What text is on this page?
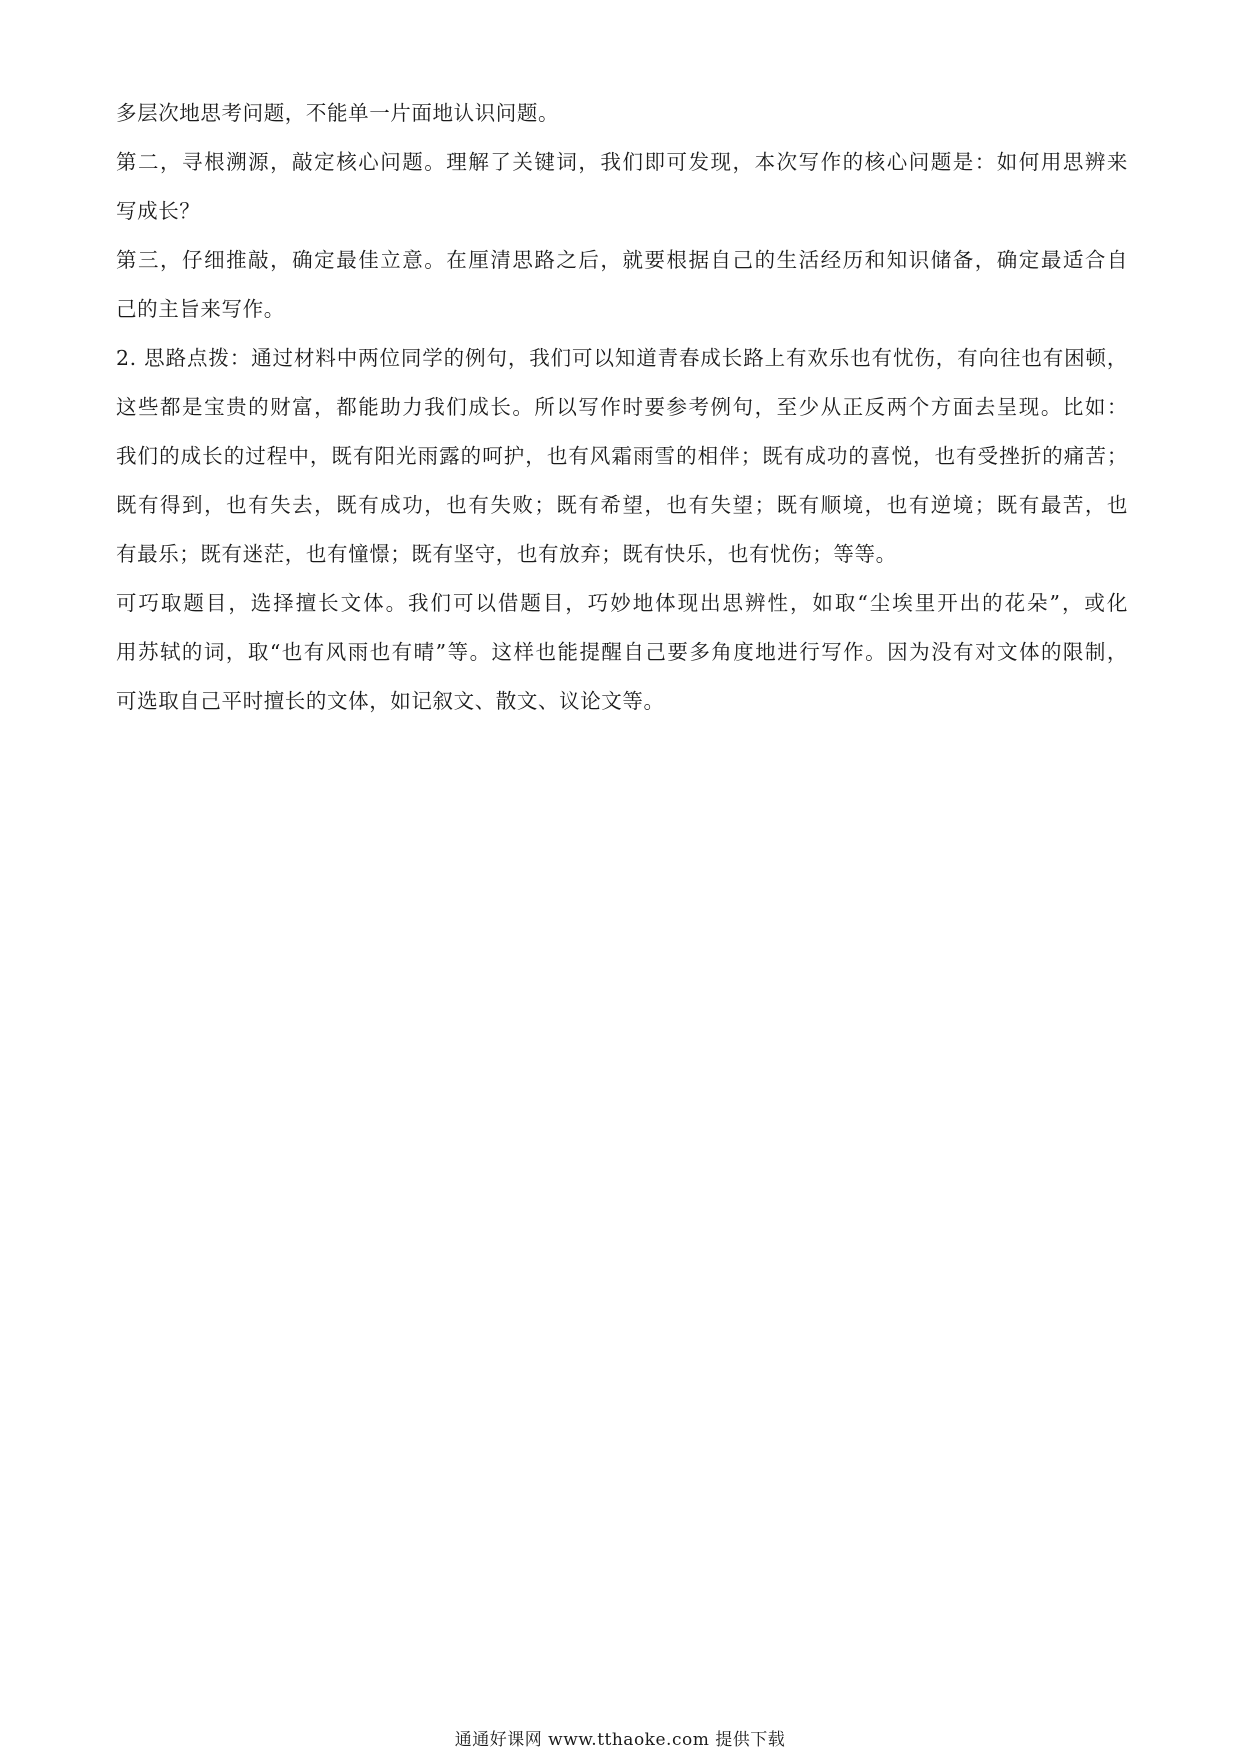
多层次地思考问题，不能单一片面地认识问题。
第二，寻根溯源，敲定核心问题。理解了关键词，我们即可发现，本次写作的核心问题是：如何用思辨来
写成长？
第三，仔细推敲，确定最佳立意。在厘清思路之后，就要根据自己的生活经历和知识储备，确定最适合自
己的主旨来写作。
2. 思路点拨：通过材料中两位同学的例句，我们可以知道青春成长路上有欢乐也有忧伤，有向往也有困顿，
这些都是宝贵的财富，都能助力我们成长。所以写作时要参考例句，至少从正反两个方面去呈现。比如：
我们的成长的过程中，既有阳光雨露的呵护，也有风霜雨雪的相伴；既有成功的喜悦，也有受挫折的痛苦；
既有得到，也有失去，既有成功，也有失败；既有希望，也有失望；既有顺境，也有逆境；既有最苦，也
有最乐；既有迷茫，也有憧憬；既有坚守，也有放弃；既有快乐，也有忧伤；等等。
可巧取题目，选择擅长文体。我们可以借题目，巧妙地体现出思辨性，如取“尘埃里开出的花朵”，或化
用苏轼的词，取“也有风雨也有晴”等。这样也能提醒自己要多角度地进行写作。因为没有对文体的限制，
可选取自己平时擅长的文体，如记叙文、散文、议论文等。
通通好课网 www.tthaoke.com 提供下载
